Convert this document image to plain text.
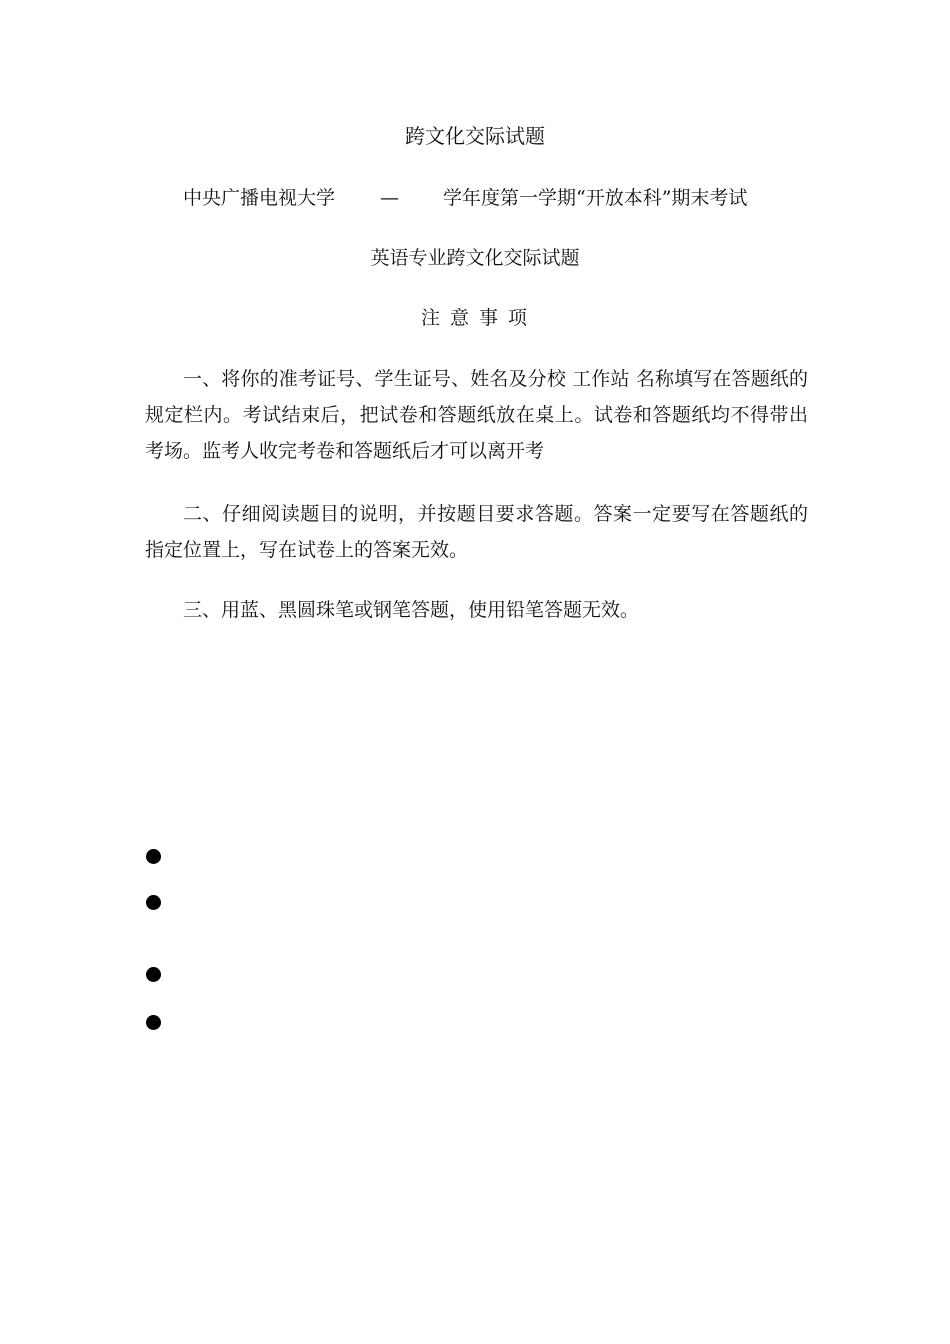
跨文化交际试题
中央广播电视大学 — 学年度第一学期“开放本科”期末考试
英语专业跨文化交际试题
注意事项
一、将你的准考证号、学生证号、姓名及分校 工作站 名称填写在答题纸的规定栏内。考试结束后，把试卷和答题纸放在桌上。试卷和答题纸均不得带出考场。监考人收完考卷和答题纸后才可以离开考
二、仔细阅读题目的说明，并按题目要求答题。答案一定要写在答题纸的指定位置上，写在试卷上的答案无效。
三、用蓝、黑圆珠笔或钢笔答题，使用铅笔答题无效。
